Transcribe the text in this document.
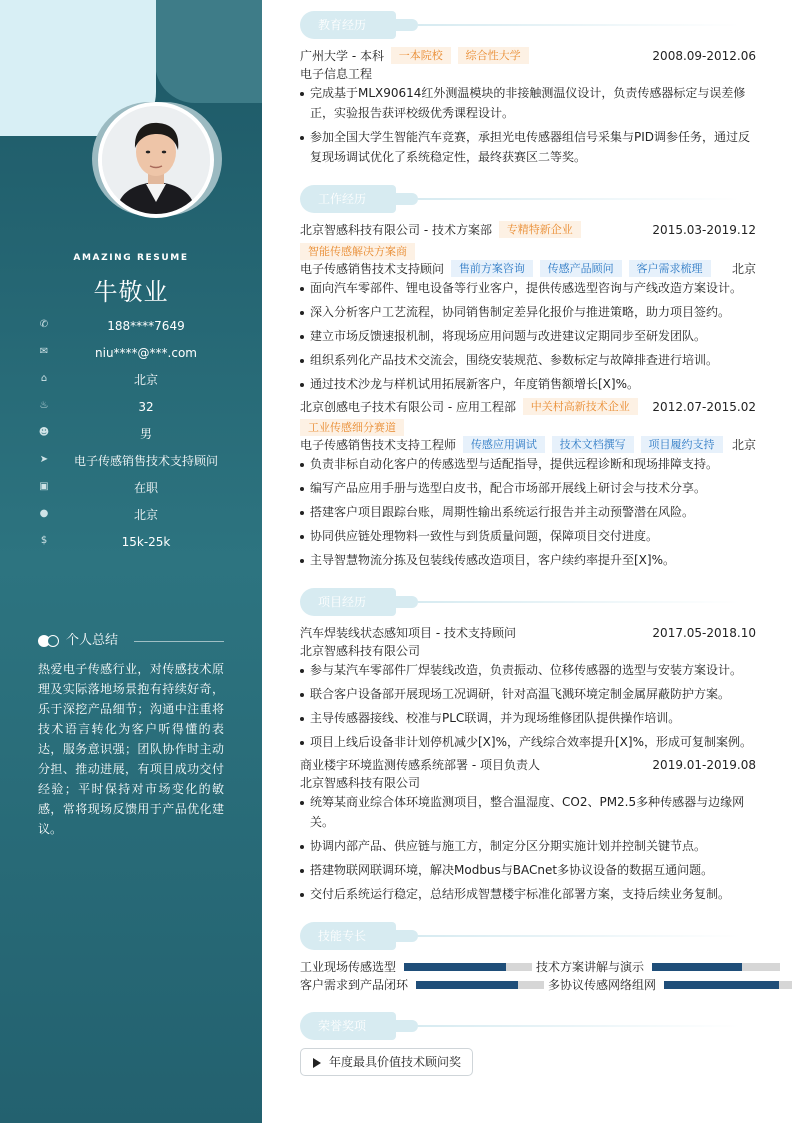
AMAZING RESUME
牛敬业
✆	188****7649
✉	niu****@***.com
⌂	北京
♨	32
☻	男
➤	电子传感销售技术支持顾问
▣	在职
●	北京
$	15k-25k
个人总结
热爱电子传感行业，对传感技术原理及实际落地场景抱有持续好奇，乐于深挖产品细节；沟通中注重将技术语言转化为客户听得懂的表达，服务意识强；团队协作时主动分担、推动进展，有项目成功交付经验；平时保持对市场变化的敏感，常将现场反馈用于产品优化建议。
教育经历
广州大学 - 本科 一本院校 综合性大学	2008.09-2012.06
电子信息工程
完成基于MLX90614红外测温模块的非接触测温仪设计，负责传感器标定与误差修正，实验报告获评校级优秀课程设计。
参加全国大学生智能汽车竞赛，承担光电传感器组信号采集与PID调参任务，通过反复现场调试优化了系统稳定性，最终获赛区二等奖。
工作经历
北京智感科技有限公司 - 技术方案部 专精特新企业	2015.03-2019.12
智能传感解决方案商
电子传感销售技术支持顾问 售前方案咨询 传感产品顾问 客户需求梳理 北京
面向汽车零部件、锂电设备等行业客户，提供传感选型咨询与产线改造方案设计。
深入分析客户工艺流程，协同销售制定差异化报价与推进策略，助力项目签约。
建立市场反馈速报机制，将现场应用问题与改进建议定期同步至研发团队。
组织系列化产品技术交流会，围绕安装规范、参数标定与故障排查进行培训。
通过技术沙龙与样机试用拓展新客户，年度销售额增长[X]%。
北京创感电子技术有限公司 - 应用工程部 中关村高新技术企业 2012.07-2015.02
工业传感细分赛道
电子传感销售技术支持工程师 传感应用调试 技术文档撰写 项目履约支持 北京
负责非标自动化客户的传感选型与适配指导，提供远程诊断和现场排障支持。
编写产品应用手册与选型白皮书，配合市场部开展线上研讨会与技术分享。
搭建客户项目跟踪台账，周期性输出系统运行报告并主动预警潜在风险。
协同供应链处理物料一致性与到货质量问题，保障项目交付进度。
主导智慧物流分拣及包装线传感改造项目，客户续约率提升至[X]%。
项目经历
汽车焊装线状态感知项目 - 技术支持顾问	2017.05-2018.10
北京智感科技有限公司
参与某汽车零部件厂焊装线改造，负责振动、位移传感器的选型与安装方案设计。
联合客户设备部开展现场工况调研，针对高温飞溅环境定制金属屏蔽防护方案。
主导传感器接线、校准与PLC联调，并为现场维修团队提供操作培训。
项目上线后设备非计划停机减少[X]%，产线综合效率提升[X]%，形成可复制案例。
商业楼宇环境监测传感系统部署 - 项目负责人	2019.01-2019.08
北京智感科技有限公司
统筹某商业综合体环境监测项目，整合温湿度、CO2、PM2.5多种传感器与边缘网关。
协调内部产品、供应链与施工方，制定分区分期实施计划并控制关键节点。
搭建物联网联调环境，解决Modbus与BACnet多协议设备的数据互通问题。
交付后系统运行稳定，总结形成智慧楼宇标准化部署方案，支持后续业务复制。
技能专长
工业现场传感选型	技术方案讲解与演示
客户需求到产品闭环	多协议传感网络组网
荣誉奖项
年度最具价值技术顾问奖
